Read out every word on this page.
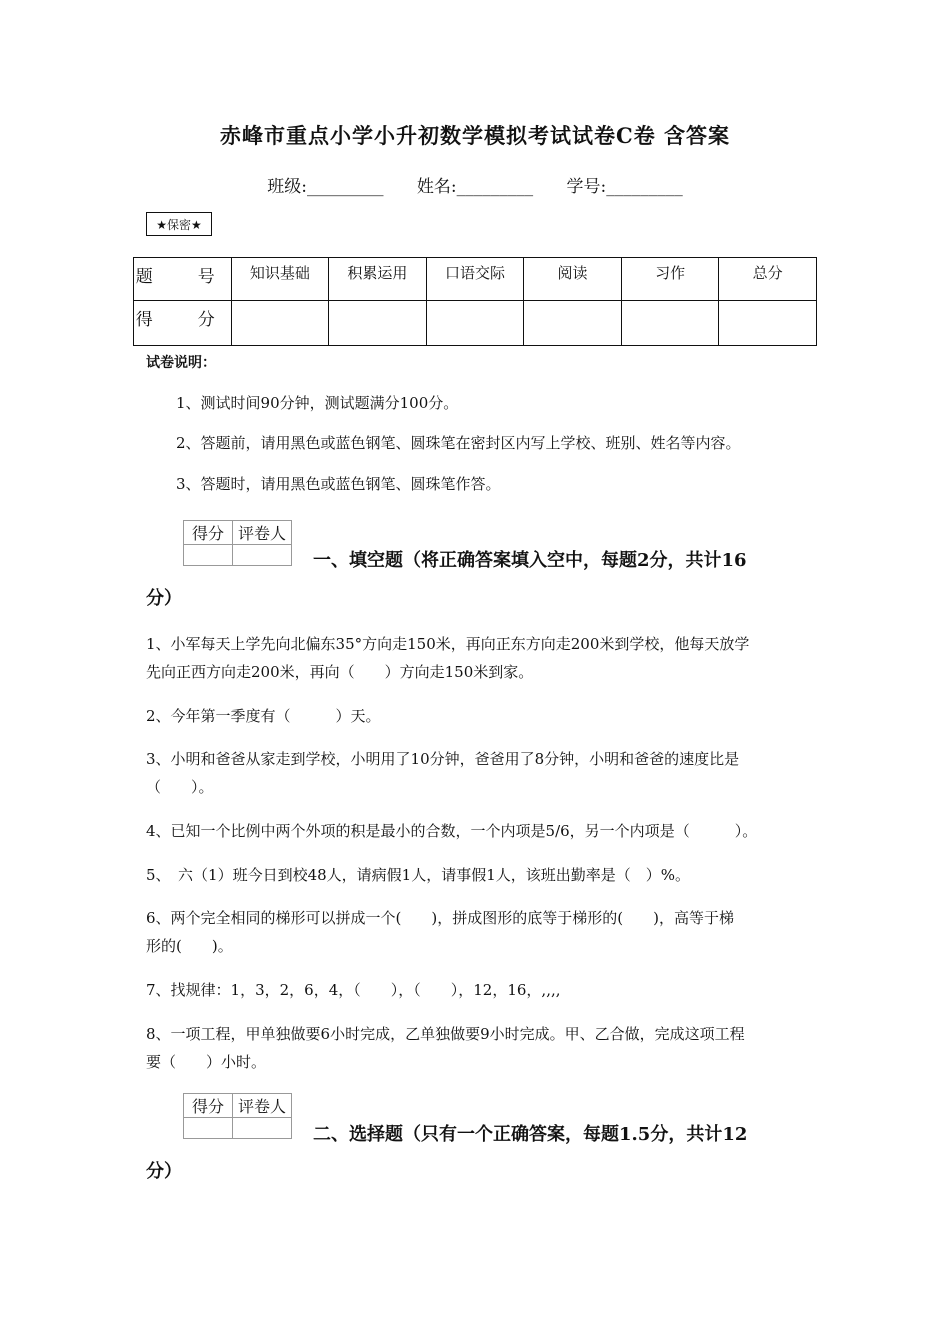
赤峰市重点小学小升初数学模拟考试试卷C卷 含答案
班级:_________ 姓名:_________ 学号:_________
★保密★
题　号	知识基础	积累运用	口语交际	阅读	习作	总分
得　分						
试卷说明：
1、测试时间90分钟，测试题满分100分。
2、答题前，请用黑色或蓝色钢笔、圆珠笔在密封区内写上学校、班别、姓名等内容。
3、答题时，请用黑色或蓝色钢笔、圆珠笔作答。
得分	评卷人

一、填空题（将正确答案填入空中，每题2分，共计16
分）
1、小军每天上学先向北偏东35°方向走150米，再向正东方向走200米到学校，他每天放学
先向正西方向走200米，再向（　　）方向走150米到家。
2、今年第一季度有（　　　）天。
3、小明和爸爸从家走到学校，小明用了10分钟，爸爸用了8分钟，小明和爸爸的速度比是
（　　）。
4、已知一个比例中两个外项的积是最小的合数，一个内项是5/6，另一个内项是（　　　）。
5、　六（1）班今日到校48人，请病假1人，请事假1人，该班出勤率是（　）%。
6、两个完全相同的梯形可以拼成一个(　　)，拼成图形的底等于梯形的(　　)，高等于梯
形的(　　)。
7、找规律：1，3，2，6，4，（　　），（　　），12，16，,,,,
8、一项工程，甲单独做要6小时完成，乙单独做要9小时完成。甲、乙合做，完成这项工程
要（　　）小时。
得分	评卷人

二、选择题（只有一个正确答案，每题1.5分，共计12
分）
